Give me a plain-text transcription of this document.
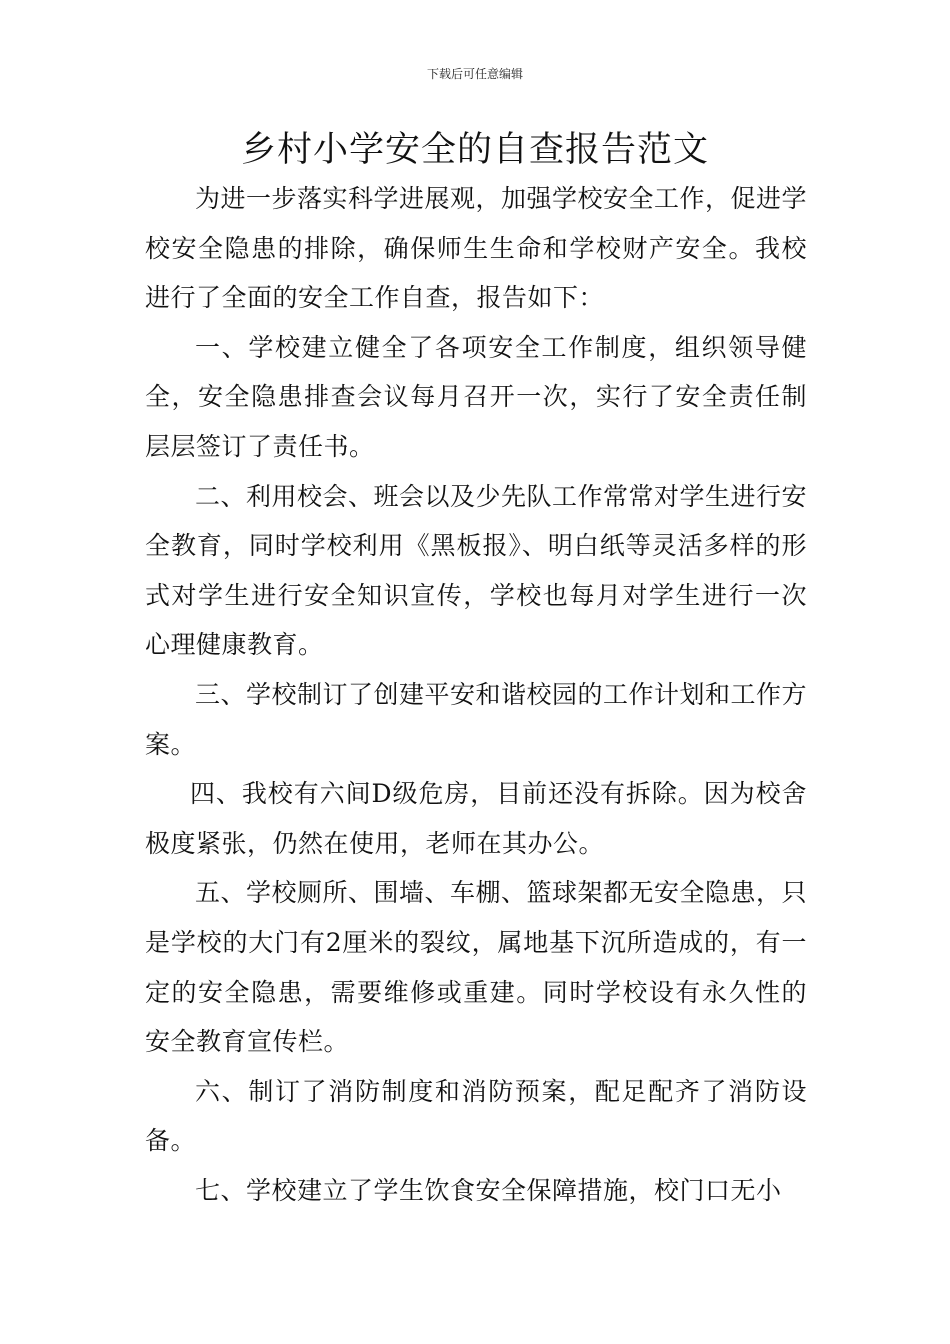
下载后可任意编辑
乡村小学安全的自查报告范文

为进一步落实科学进展观，加强学校安全工作，促进学校安全隐患的排除，确保师生生命和学校财产安全。我校进行了全面的安全工作自查，报告如下：

一、学校建立健全了各项安全工作制度，组织领导健全，安全隐患排查会议每月召开一次，实行了安全责任制层层签订了责任书。

二、利用校会、班会以及少先队工作常常对学生进行安全教育，同时学校利用《黑板报》、明白纸等灵活多样的形式对学生进行安全知识宣传，学校也每月对学生进行一次心理健康教育。

三、学校制订了创建平安和谐校园的工作计划和工作方案。

四、我校有六间D级危房，目前还没有拆除。因为校舍极度紧张，仍然在使用，老师在其办公。

五、学校厕所、围墙、车棚、篮球架都无安全隐患，只是学校的大门有2厘米的裂纹，属地基下沉所造成的，有一定的安全隐患，需要维修或重建。同时学校设有永久性的安全教育宣传栏。

六、制订了消防制度和消防预案，配足配齐了消防设备。

七、学校建立了学生饮食安全保障措施，校门口无小
